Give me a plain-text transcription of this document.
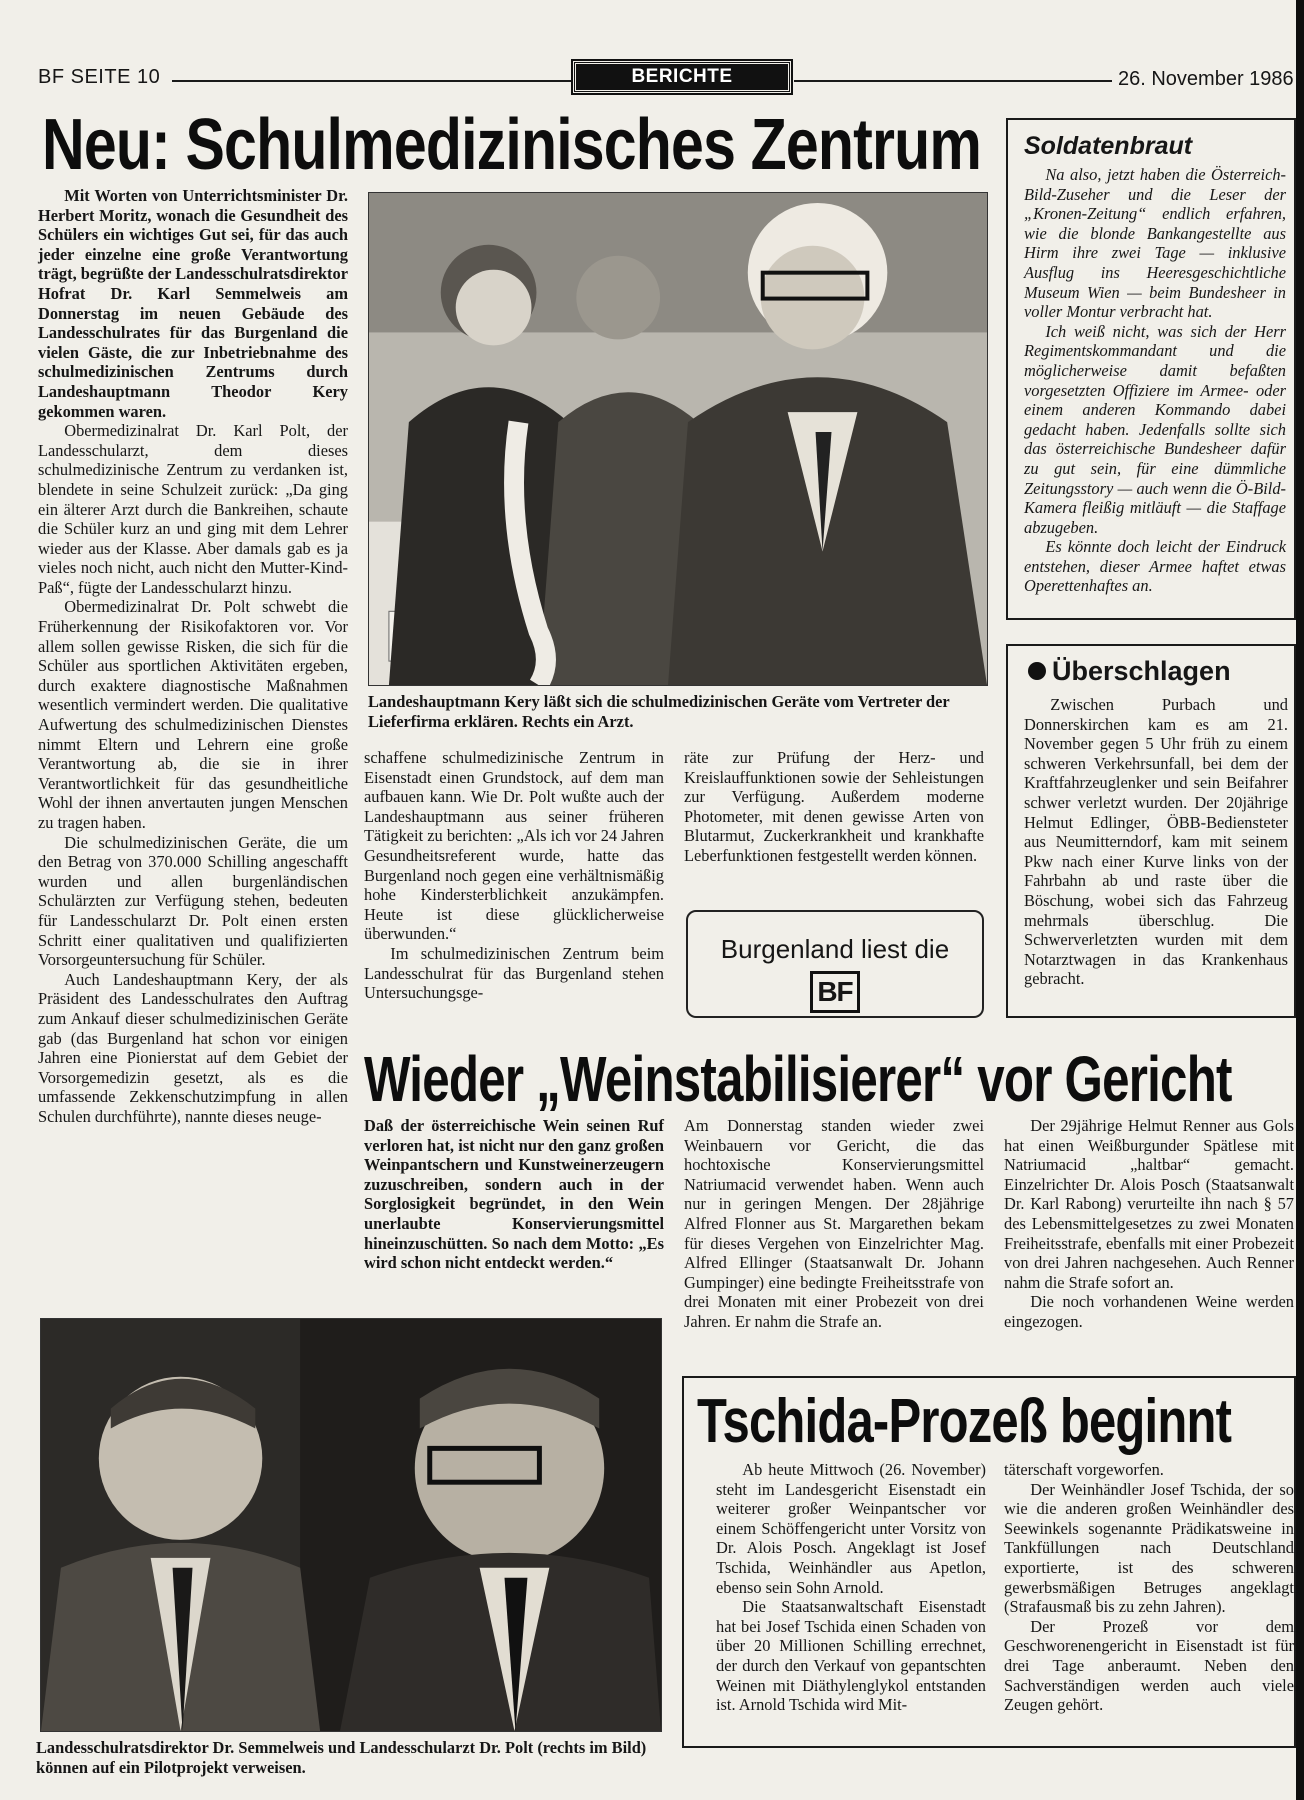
BF SEITE 10	BERICHTE	26. November 1986
Neu: Schulmedizinisches Zentrum

Mit Worten von Unterrichtsminister Dr. Herbert Moritz, wonach die Gesundheit des Schülers ein wichtiges Gut sei, für das auch jeder einzelne eine große Verantwortung trägt, begrüßte der Landesschulratsdirektor Hofrat Dr. Karl Semmelweis am Donnerstag im neuen Gebäude des Landesschulrates für das Burgenland die vielen Gäste, die zur Inbetriebnahme des schulmedizinischen Zentrums durch Landeshauptmann Theodor Kery gekommen waren.

Obermedizinalrat Dr. Karl Polt, der Landesschularzt, dem dieses schulmedizinische Zentrum zu verdanken ist, blendete in seine Schulzeit zurück: „Da ging ein älterer Arzt durch die Bankreihen, schaute die Schüler kurz an und ging mit dem Lehrer wieder aus der Klasse. Aber damals gab es ja vieles noch nicht, auch nicht den Mutter-Kind-Paß“, fügte der Landesschularzt hinzu.

Obermedizinalrat Dr. Polt schwebt die Früherkennung der Risikofaktoren vor. Vor allem sollen gewisse Risken, die sich für die Schüler aus sportlichen Aktivitäten ergeben, durch exaktere diagnostische Maßnahmen wesentlich vermindert werden. Die qualitative Aufwertung des schulmedizinischen Dienstes nimmt Eltern und Lehrern eine große Verantwortung ab, die sie in ihrer Verantwortlichkeit für das gesundheitliche Wohl der ihnen anvertauten jungen Menschen zu tragen haben.

Die schulmedizinischen Geräte, die um den Betrag von 370.000 Schilling angeschafft wurden und allen burgenländischen Schulärzten zur Verfügung stehen, bedeuten für Landesschularzt Dr. Polt einen ersten Schritt einer qualitativen und qualifizierten Vorsorgeuntersuchung für Schüler.

Auch Landeshauptmann Kery, der als Präsident des Landesschulrates den Auftrag zum Ankauf dieser schulmedizinischen Geräte gab (das Burgenland hat schon vor einigen Jahren eine Pionierstat auf dem Gebiet der Vorsorgemedizin gesetzt, als es die umfassende Zekkenschutzimpfung in allen Schulen durchführte), nannte dieses neuge-

Landeshauptmann Kery läßt sich die schulmedizinischen Geräte vom Vertreter der Lieferfirma erklären. Rechts ein Arzt.

schaffene schulmedizinische Zentrum in Eisenstadt einen Grundstock, auf dem man aufbauen kann. Wie Dr. Polt wußte auch der Landeshauptmann aus seiner früheren Tätigkeit zu berichten: „Als ich vor 24 Jahren Gesundheitsreferent wurde, hatte das Burgenland noch gegen eine verhältnismäßig hohe Kindersterblichkeit anzukämpfen. Heute ist diese glücklicherweise überwunden.“

Im schulmedizinischen Zentrum beim Landesschulrat für das Burgenland stehen Untersuchungsge-

räte zur Prüfung der Herz- und Kreislauffunktionen sowie der Sehleistungen zur Verfügung. Außerdem moderne Photometer, mit denen gewisse Arten von Blutarmut, Zuckerkrankheit und krankhafte Leberfunktionen festgestellt werden können.

Burgenland liest die
BF
Soldatenbraut

Na also, jetzt haben die Österreich-Bild-Zuseher und die Leser der „Kronen-Zeitung“ endlich erfahren, wie die blonde Bankangestellte aus Hirm ihre zwei Tage — inklusive Ausflug ins Heeresgeschichtliche Museum Wien — beim Bundesheer in voller Montur verbracht hat.

Ich weiß nicht, was sich der Herr Regimentskommandant und die möglicherweise damit befaßten vorgesetzten Offiziere im Armee- oder einem anderen Kommando dabei gedacht haben. Jedenfalls sollte sich das österreichische Bundesheer dafür zu gut sein, für eine dümmliche Zeitungsstory — auch wenn die Ö-Bild-Kamera fleißig mitläuft — die Staffage abzugeben.

Es könnte doch leicht der Eindruck entstehen, dieser Armee haftet etwas Operettenhaftes an.

Überschlagen

Zwischen Purbach und Donnerskirchen kam es am 21. November gegen 5 Uhr früh zu einem schweren Verkehrsunfall, bei dem der Kraftfahrzeuglenker und sein Beifahrer schwer verletzt wurden. Der 20jährige Helmut Edlinger, ÖBB-Bediensteter aus Neumitterndorf, kam mit seinem Pkw nach einer Kurve links von der Fahrbahn ab und raste über die Böschung, wobei sich das Fahrzeug mehrmals überschlug. Die Schwerverletzten wurden mit dem Notarztwagen in das Krankenhaus gebracht.

Wieder „Weinstabilisierer“ vor Gericht

Daß der österreichische Wein seinen Ruf verloren hat, ist nicht nur den ganz großen Weinpantschern und Kunstweinerzeugern zuzuschreiben, sondern auch in der Sorglosigkeit begründet, in den Wein unerlaubte Konservierungsmittel hineinzuschütten. So nach dem Motto: „Es wird schon nicht entdeckt werden.“

Am Donnerstag standen wieder zwei Weinbauern vor Gericht, die das hochtoxische Konservierungsmittel Natriumacid verwendet haben. Wenn auch nur in geringen Mengen. Der 28jährige Alfred Flonner aus St. Margarethen bekam für dieses Vergehen von Einzelrichter Mag. Alfred Ellinger (Staatsanwalt Dr. Johann Gumpinger) eine bedingte Freiheitsstrafe von drei Monaten mit einer Probezeit von drei Jahren. Er nahm die Strafe an.

Der 29jährige Helmut Renner aus Gols hat einen Weißburgunder Spätlese mit Natriumacid „haltbar“ gemacht. Einzelrichter Dr. Alois Posch (Staatsanwalt Dr. Karl Rabong) verurteilte ihn nach § 57 des Lebensmittelgesetzes zu zwei Monaten Freiheitsstrafe, ebenfalls mit einer Probezeit von drei Jahren nachgesehen. Auch Renner nahm die Strafe sofort an.

Die noch vorhandenen Weine werden eingezogen.

Landesschulratsdirektor Dr. Semmelweis und Landesschularzt Dr. Polt (rechts im Bild) können auf ein Pilotprojekt verweisen.

Ab heute Mittwoch (26. November) steht im Landesgericht Eisenstadt ein weiterer großer Weinpantscher vor einem Schöffengericht unter Vorsitz von Dr. Alois Posch. Angeklagt ist Josef Tschida, Weinhändler aus Apetlon, ebenso sein Sohn Arnold.

Die Staatsanwaltschaft Eisenstadt hat bei Josef Tschida einen Schaden von über 20 Millionen Schilling errechnet, der durch den Verkauf von gepantschten Weinen mit Diäthylenglykol entstanden ist. Arnold Tschida wird Mit-

täterschaft vorgeworfen.

Der Weinhändler Josef Tschida, der so wie die anderen großen Weinhändler des Seewinkels sogenannte Prädikatsweine in Tankfüllungen nach Deutschland exportierte, ist des schweren gewerbsmäßigen Betruges angeklagt (Strafausmaß bis zu zehn Jahren).

Der Prozeß vor dem Geschworenengericht in Eisenstadt ist für drei Tage anberaumt. Neben den Sachverständigen werden auch viele Zeugen gehört.

Tschida-Prozeß beginnt
